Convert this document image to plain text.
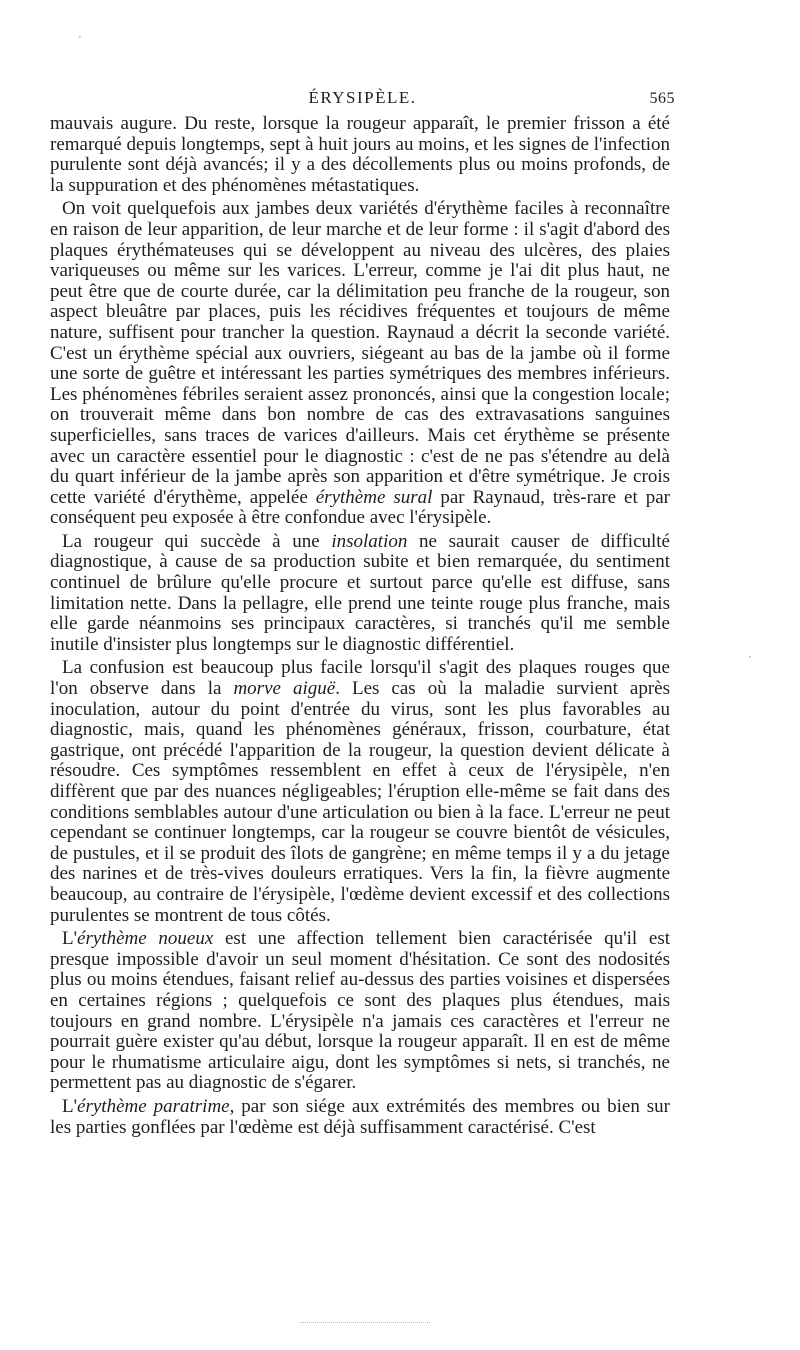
ÉRYSIPÈLE.	565

mauvais augure. Du reste, lorsque la rougeur apparaît, le premier frisson a été remarqué depuis longtemps, sept à huit jours au moins, et les signes de l'infection purulente sont déjà avancés; il y a des décollements plus ou moins profonds, de la suppuration et des phénomènes métastatiques.

On voit quelquefois aux jambes deux variétés d'érythème faciles à reconnaître en raison de leur apparition, de leur marche et de leur forme : il s'agit d'abord des plaques érythémateuses qui se développent au niveau des ulcères, des plaies variqueuses ou même sur les varices. L'erreur, comme je l'ai dit plus haut, ne peut être que de courte durée, car la délimitation peu franche de la rougeur, son aspect bleuâtre par places, puis les récidives fréquentes et toujours de même nature, suffisent pour trancher la question. Raynaud a décrit la seconde variété. C'est un érythème spécial aux ouvriers, siégeant au bas de la jambe où il forme une sorte de guêtre et intéressant les parties symétriques des membres inférieurs. Les phénomènes fébriles seraient assez prononcés, ainsi que la congestion locale; on trouverait même dans bon nombre de cas des extravasations sanguines superficielles, sans traces de varices d'ailleurs. Mais cet érythème se présente avec un caractère essentiel pour le diagnostic : c'est de ne pas s'étendre au delà du quart inférieur de la jambe après son apparition et d'être symétrique. Je crois cette variété d'érythème, appelée érythème sural par Raynaud, très-rare et par conséquent peu exposée à être confondue avec l'érysipèle.

La rougeur qui succède à une insolation ne saurait causer de difficulté diagnostique, à cause de sa production subite et bien remarquée, du sentiment continuel de brûlure qu'elle procure et surtout parce qu'elle est diffuse, sans limitation nette. Dans la pellagre, elle prend une teinte rouge plus franche, mais elle garde néanmoins ses principaux caractères, si tranchés qu'il me semble inutile d'insister plus longtemps sur le diagnostic différentiel.

La confusion est beaucoup plus facile lorsqu'il s'agit des plaques rouges que l'on observe dans la morve aiguë. Les cas où la maladie survient après inoculation, autour du point d'entrée du virus, sont les plus favorables au diagnostic, mais, quand les phénomènes généraux, frisson, courbature, état gastrique, ont précédé l'apparition de la rougeur, la question devient délicate à résoudre. Ces symptômes ressemblent en effet à ceux de l'érysipèle, n'en diffèrent que par des nuances négligeables; l'éruption elle-même se fait dans des conditions semblables autour d'une articulation ou bien à la face. L'erreur ne peut cependant se continuer longtemps, car la rougeur se couvre bientôt de vésicules, de pustules, et il se produit des îlots de gangrène; en même temps il y a du jetage des narines et de très-vives douleurs erratiques. Vers la fin, la fièvre augmente beaucoup, au contraire de l'érysipèle, l'œdème devient excessif et des collections purulentes se montrent de tous côtés.

L'érythème noueux est une affection tellement bien caractérisée qu'il est presque impossible d'avoir un seul moment d'hésitation. Ce sont des nodosités plus ou moins étendues, faisant relief au-dessus des parties voisines et dispersées en certaines régions ; quelquefois ce sont des plaques plus étendues, mais toujours en grand nombre. L'érysipèle n'a jamais ces caractères et l'erreur ne pourrait guère exister qu'au début, lorsque la rougeur apparaît. Il en est de même pour le rhumatisme articulaire aigu, dont les symptômes si nets, si tranchés, ne permettent pas au diagnostic de s'égarer.

L'érythème paratrime, par son siége aux extrémités des membres ou bien sur les parties gonflées par l'œdème est déjà suffisamment caractérisé. C'est

·
·
